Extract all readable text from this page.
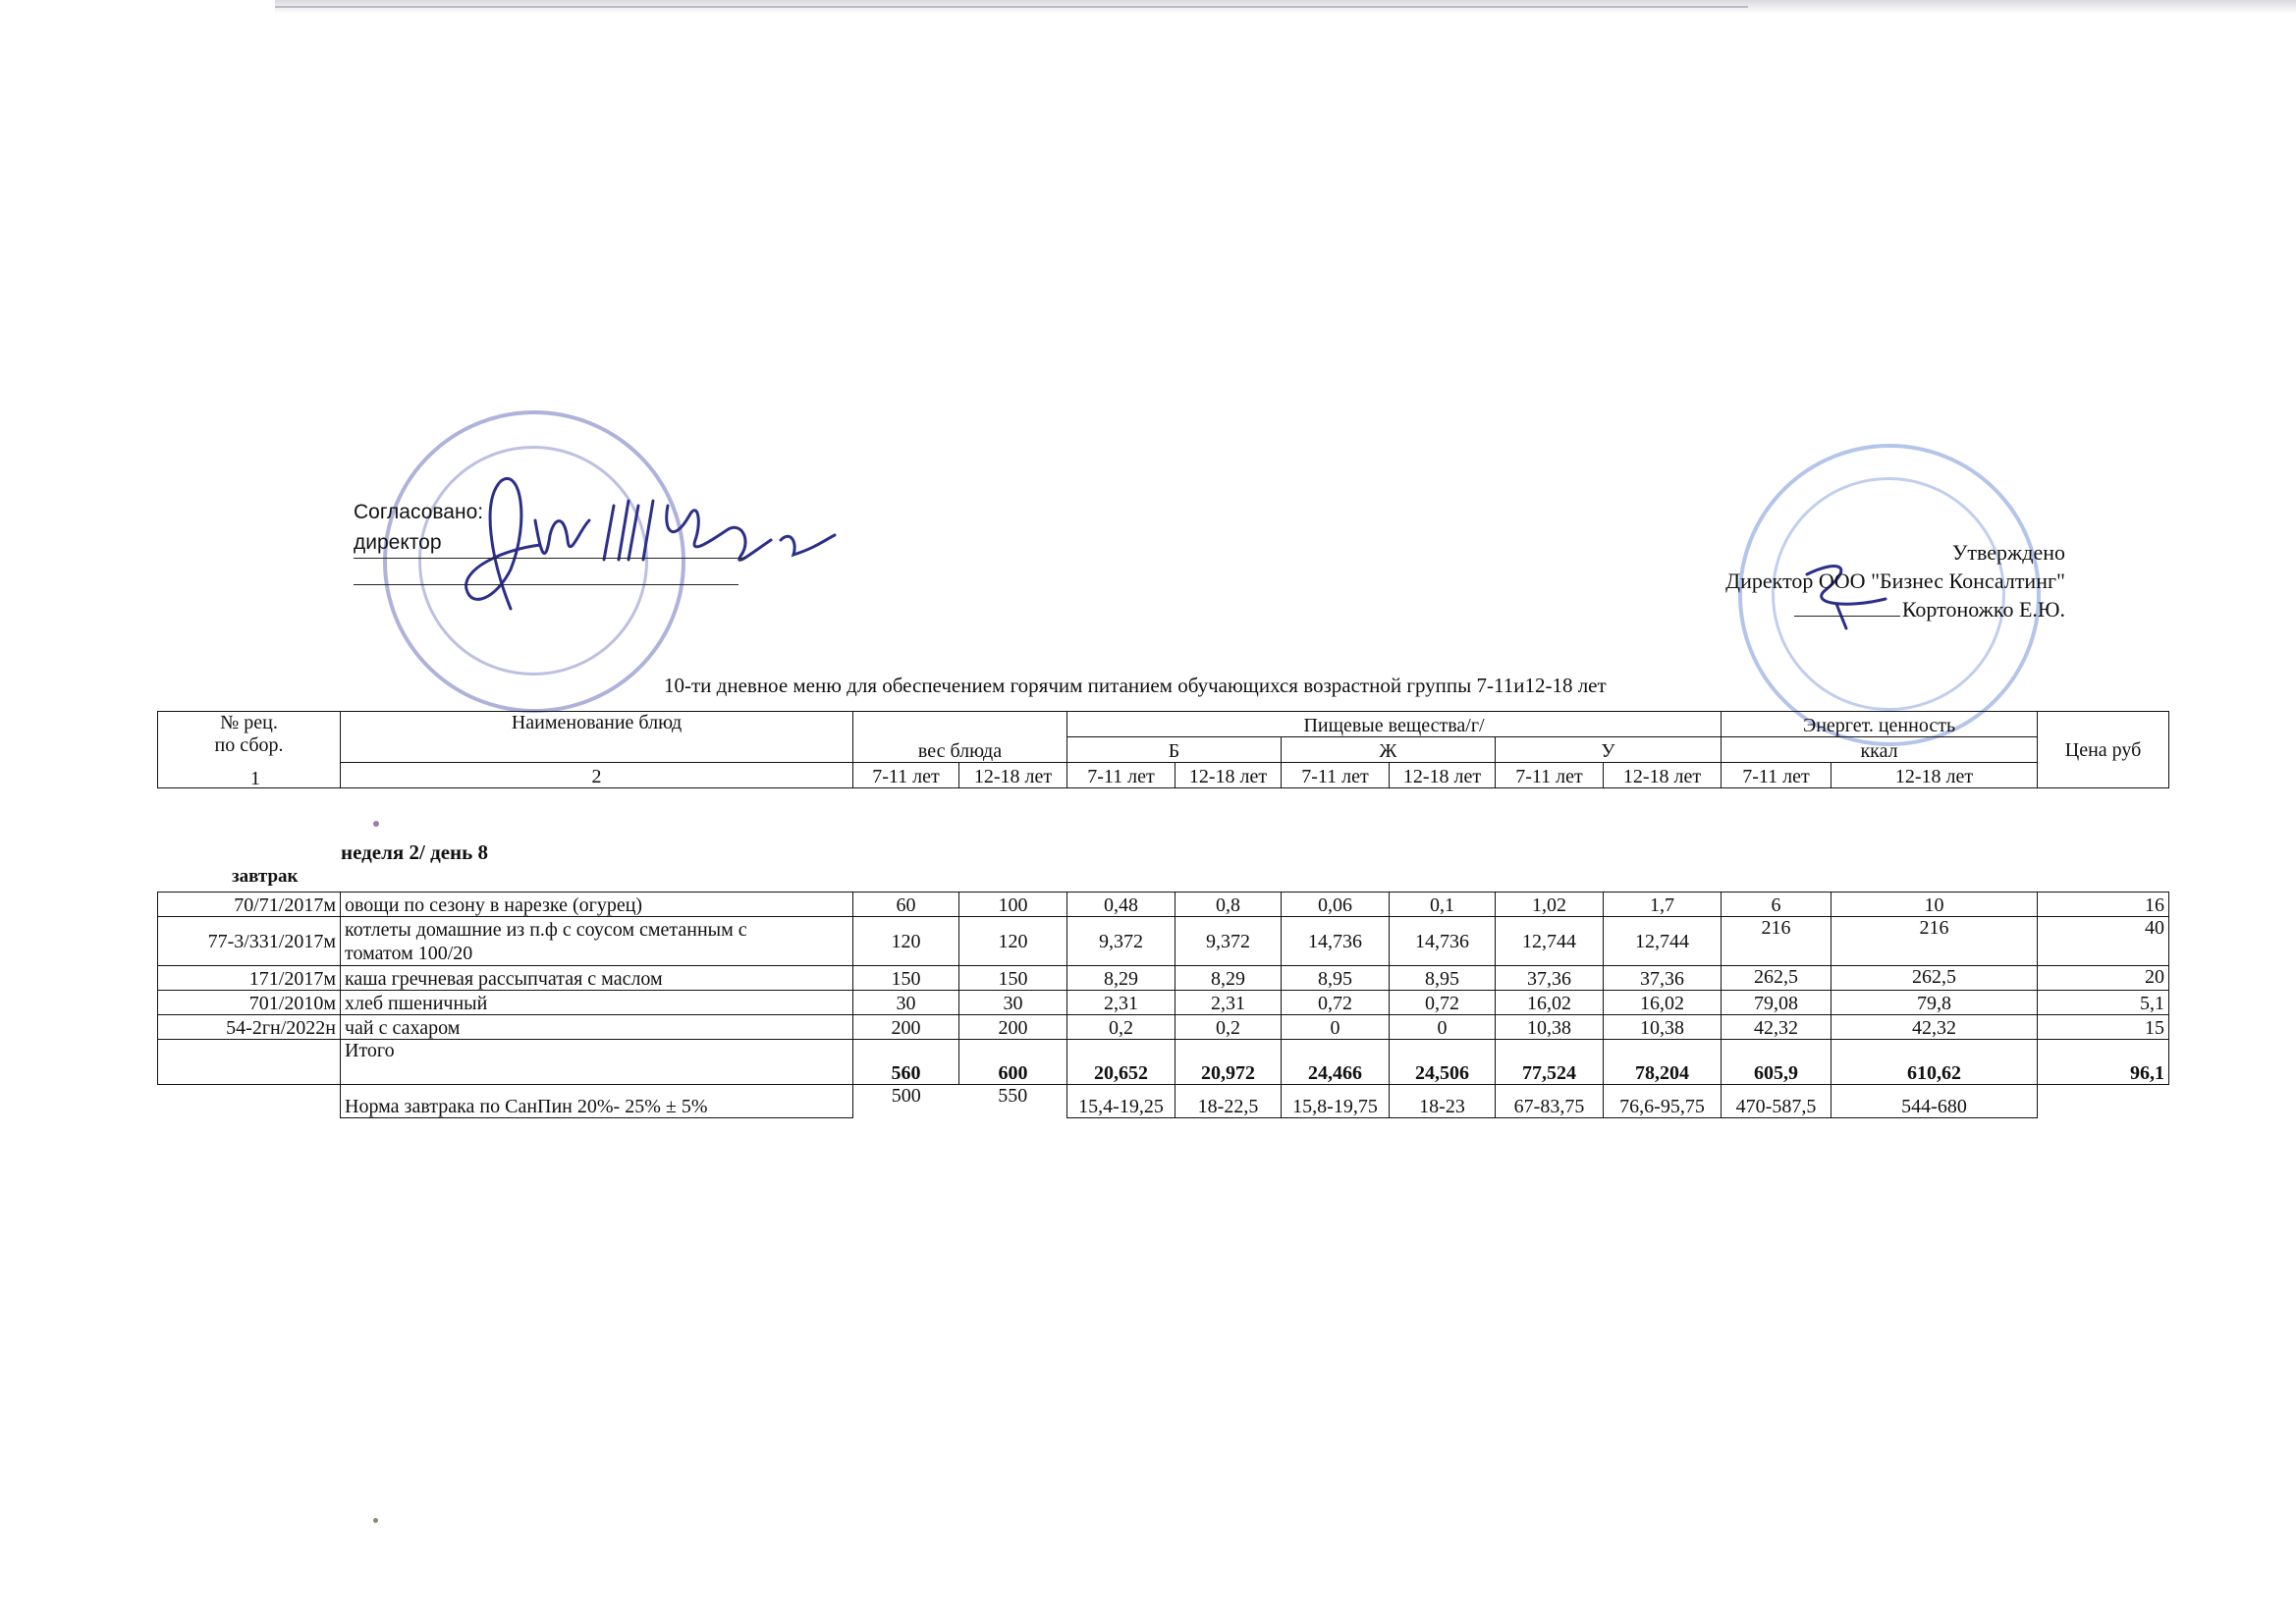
Согласовано:
директор	Утверждено
Директор ООО "Бизнес Консалтинг"
Кортоножко Е.Ю.
10-ти дневное меню для обеспечением горячим питанием обучающихся возрастной группы 7-11и12-18 лет
№ рец.
по сбор.	Наименование блюд	вес блюда		Пищевые вещества/г/						Энергет. ценность		Цена руб
				Б		Ж		У		ккал		
	2	7-11 лет	12-18 лет	7-11 лет	12-18 лет	7-11 лет	12-18 лет	7-11 лет	12-18 лет	7-11 лет	12-18 лет	
1
неделя 2/ день 8
завтрак
70/71/2017м	овощи по сезону в нарезке (огурец)	60	100	0,48	0,8	0,06	0,1	1,02	1,7	6	10	16
77-3/331/2017м	котлеты домашние из п.ф с соусом сметанным с
томатом 100/20	120	120	9,372	9,372	14,736	14,736	12,744	12,744	216	216	40
171/2017м	каша гречневая рассыпчатая с маслом	150	150	8,29	8,29	8,95	8,95	37,36	37,36	262,5	262,5	20
701/2010м	хлеб пшеничный	30	30	2,31	2,31	0,72	0,72	16,02	16,02	79,08	79,8	5,1
54-2гн/2022н	чай с сахаром	200	200	0,2	0,2	0	0	10,38	10,38	42,32	42,32	15
	Итого	560	600	20,652	20,972	24,466	24,506	77,524	78,204	605,9	610,62	96,1
	Норма завтрака по СанПин 20%- 25% ± 5%	500	550	15,4-19,25	18-22,5	15,8-19,75	18-23	67-83,75	76,6-95,75	470-587,5	544-680	
